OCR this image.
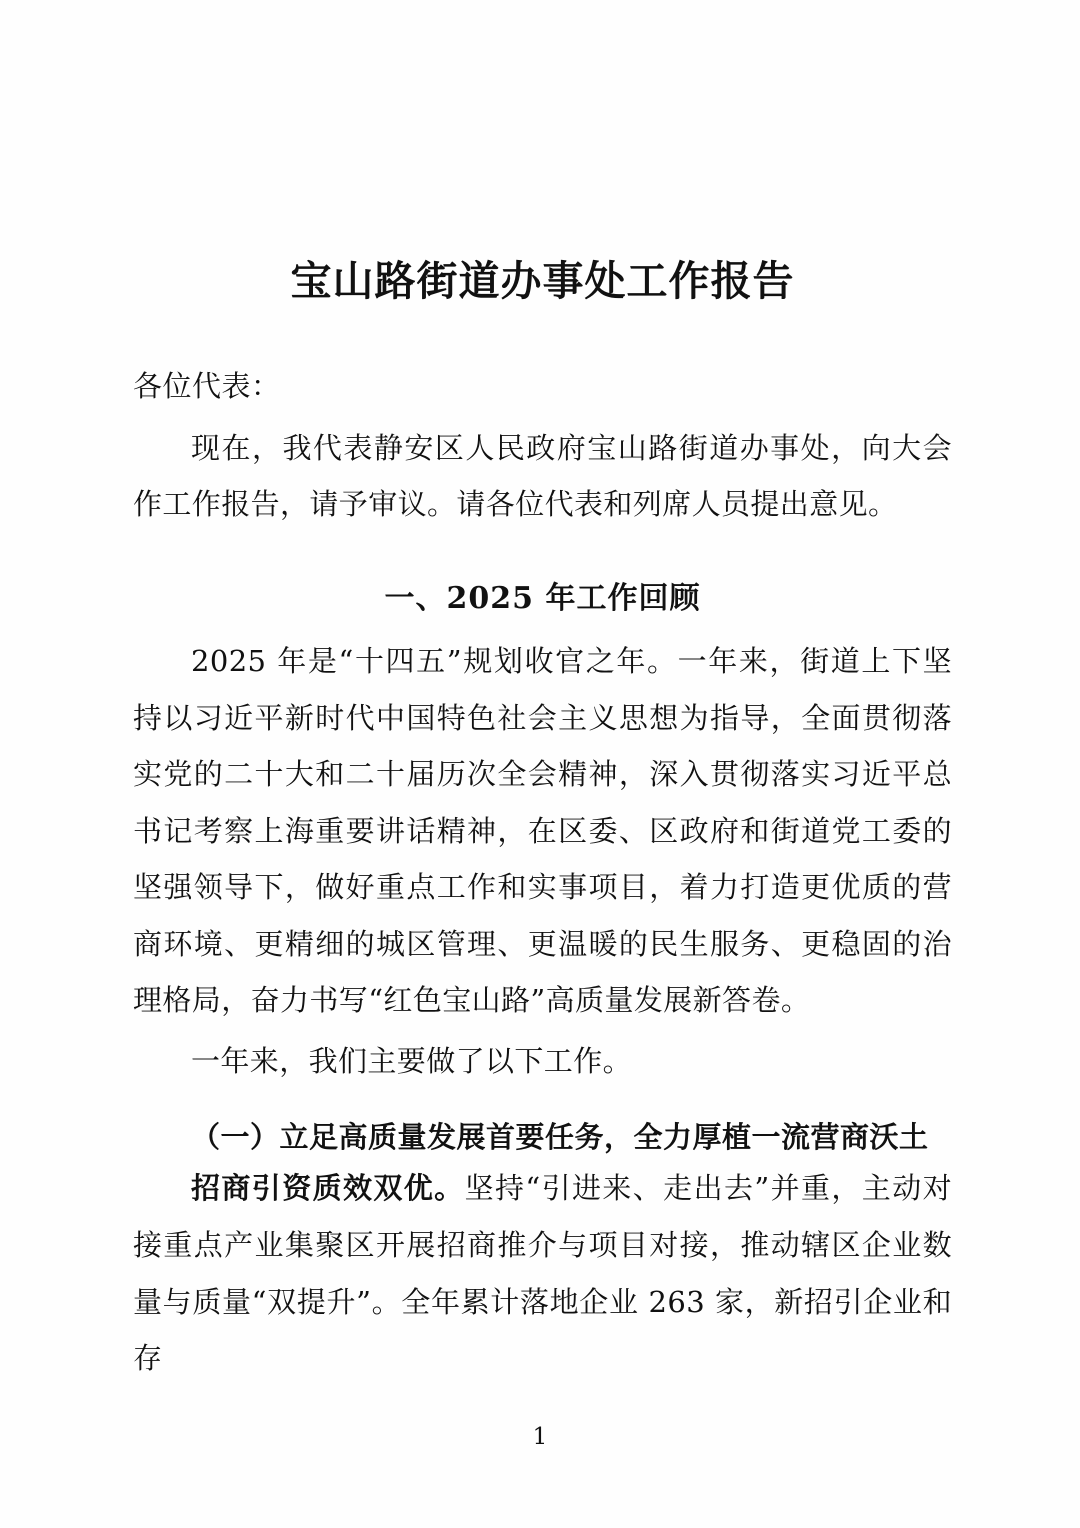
宝山路街道办事处工作报告

各位代表：

现在，我代表静安区人民政府宝山路街道办事处，向大会作工作报告，请予审议。请各位代表和列席人员提出意见。

一、2025 年工作回顾

2025 年是“十四五”规划收官之年。一年来，街道上下坚持以习近平新时代中国特色社会主义思想为指导，全面贯彻落实党的二十大和二十届历次全会精神，深入贯彻落实习近平总书记考察上海重要讲话精神，在区委、区政府和街道党工委的坚强领导下，做好重点工作和实事项目，着力打造更优质的营商环境、更精细的城区管理、更温暖的民生服务、更稳固的治理格局，奋力书写“红色宝山路”高质量发展新答卷。

一年来，我们主要做了以下工作。

（一）立足高质量发展首要任务，全力厚植一流营商沃土

招商引资质效双优。坚持“引进来、走出去”并重，主动对接重点产业集聚区开展招商推介与项目对接，推动辖区企业数量与质量“双提升”。全年累计落地企业 263 家，新招引企业和存

1
